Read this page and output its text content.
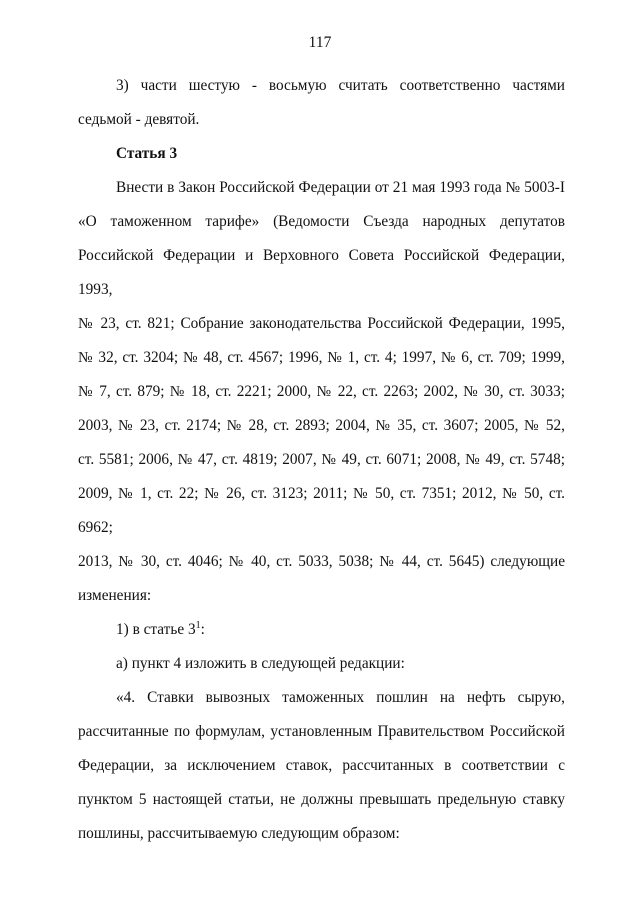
117

3) части шестую - восьмую считать соответственно частями

седьмой - девятой.

Статья 3

Внести в Закон Российской Федерации от 21 мая 1993 года № 5003-I

«О таможенном тарифе» (Ведомости Съезда народных депутатов

Российской Федерации и Верховного Совета Российской Федерации, 1993,

№ 23, ст. 821; Собрание законодательства Российской Федерации, 1995,

№ 32, ст. 3204; № 48, ст. 4567; 1996, № 1, ст. 4; 1997, № 6, ст. 709; 1999,

№ 7, ст. 879; № 18, ст. 2221; 2000, № 22, ст. 2263; 2002, № 30, ст. 3033;

2003, № 23, ст. 2174; № 28, ст. 2893; 2004, № 35, ст. 3607; 2005, № 52,

ст. 5581; 2006, № 47, ст. 4819; 2007, № 49, ст. 6071; 2008, № 49, ст. 5748;

2009, № 1, ст. 22; № 26, ст. 3123; 2011; № 50, ст. 7351; 2012, № 50, ст. 6962;

2013, № 30, ст. 4046; № 40, ст. 5033, 5038; № 44, ст. 5645) следующие

изменения:

1) в статье $3^1$:

а) пункт 4 изложить в следующей редакции:

«4. Ставки вывозных таможенных пошлин на нефть сырую,

рассчитанные по формулам, установленным Правительством Российской

Федерации, за исключением ставок, рассчитанных в соответствии с

пунктом 5 настоящей статьи, не должны превышать предельную ставку

пошлины, рассчитываемую следующим образом:
